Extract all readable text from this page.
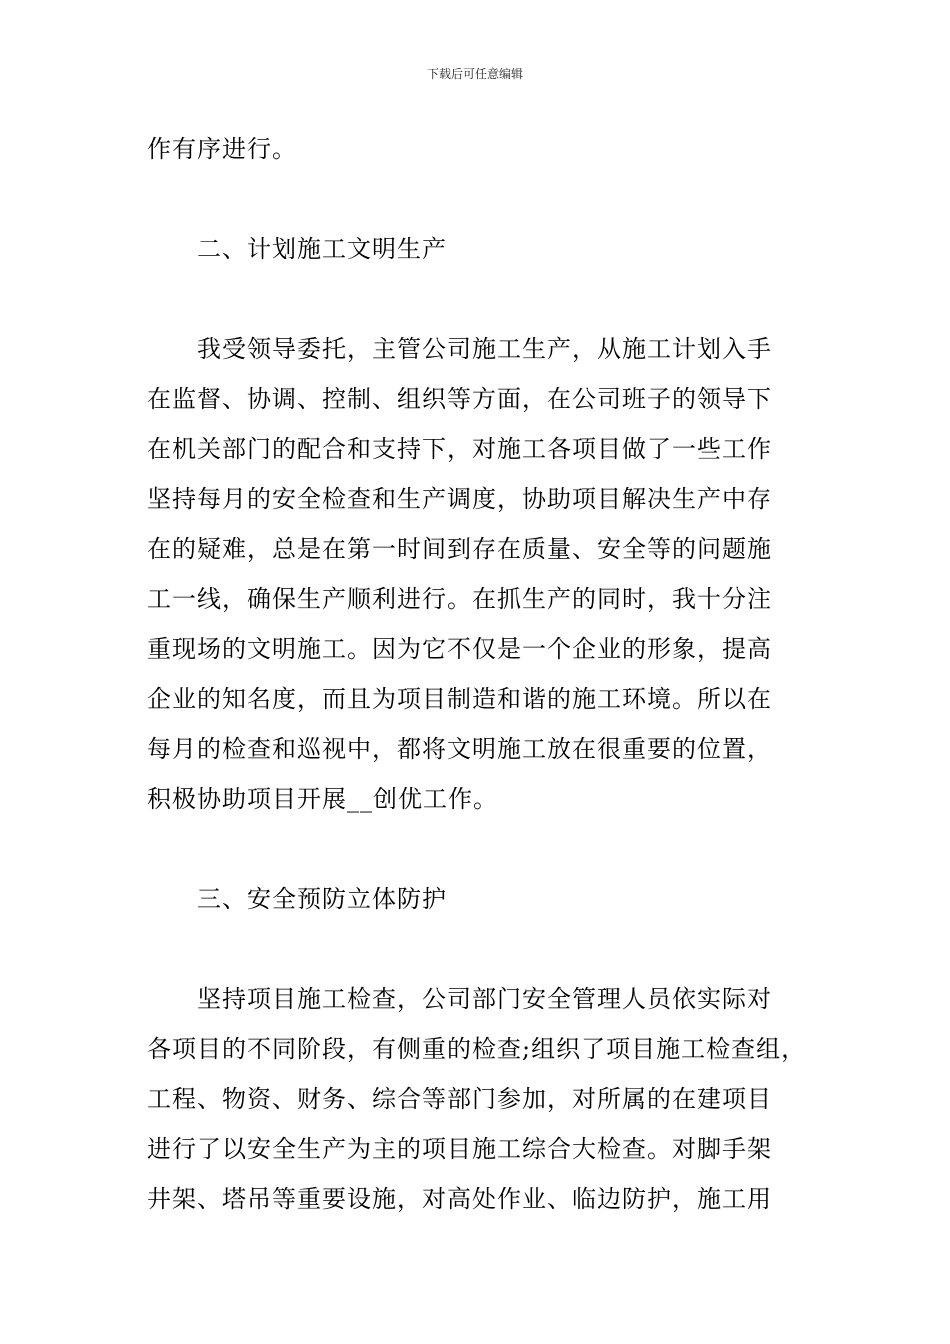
下载后可任意编辑
作有序进行。
二、计划施工文明生产
我受领导委托，主管公司施工生产，从施工计划入手
在监督、协调、控制、组织等方面，在公司班子的领导下
在机关部门的配合和支持下，对施工各项目做了一些工作
坚持每月的安全检查和生产调度，协助项目解决生产中存
在的疑难，总是在第一时间到存在质量、安全等的问题施
工一线，确保生产顺利进行。在抓生产的同时，我十分注
重现场的文明施工。因为它不仅是一个企业的形象，提高
企业的知名度，而且为项目制造和谐的施工环境。所以在
每月的检查和巡视中，都将文明施工放在很重要的位置，
积极协助项目开展__创优工作。
三、安全预防立体防护
坚持项目施工检查，公司部门安全管理人员依实际对
各项目的不同阶段，有侧重的检查;组织了项目施工检查组，
工程、物资、财务、综合等部门参加，对所属的在建项目
进行了以安全生产为主的项目施工综合大检查。对脚手架
井架、塔吊等重要设施，对高处作业、临边防护，施工用
